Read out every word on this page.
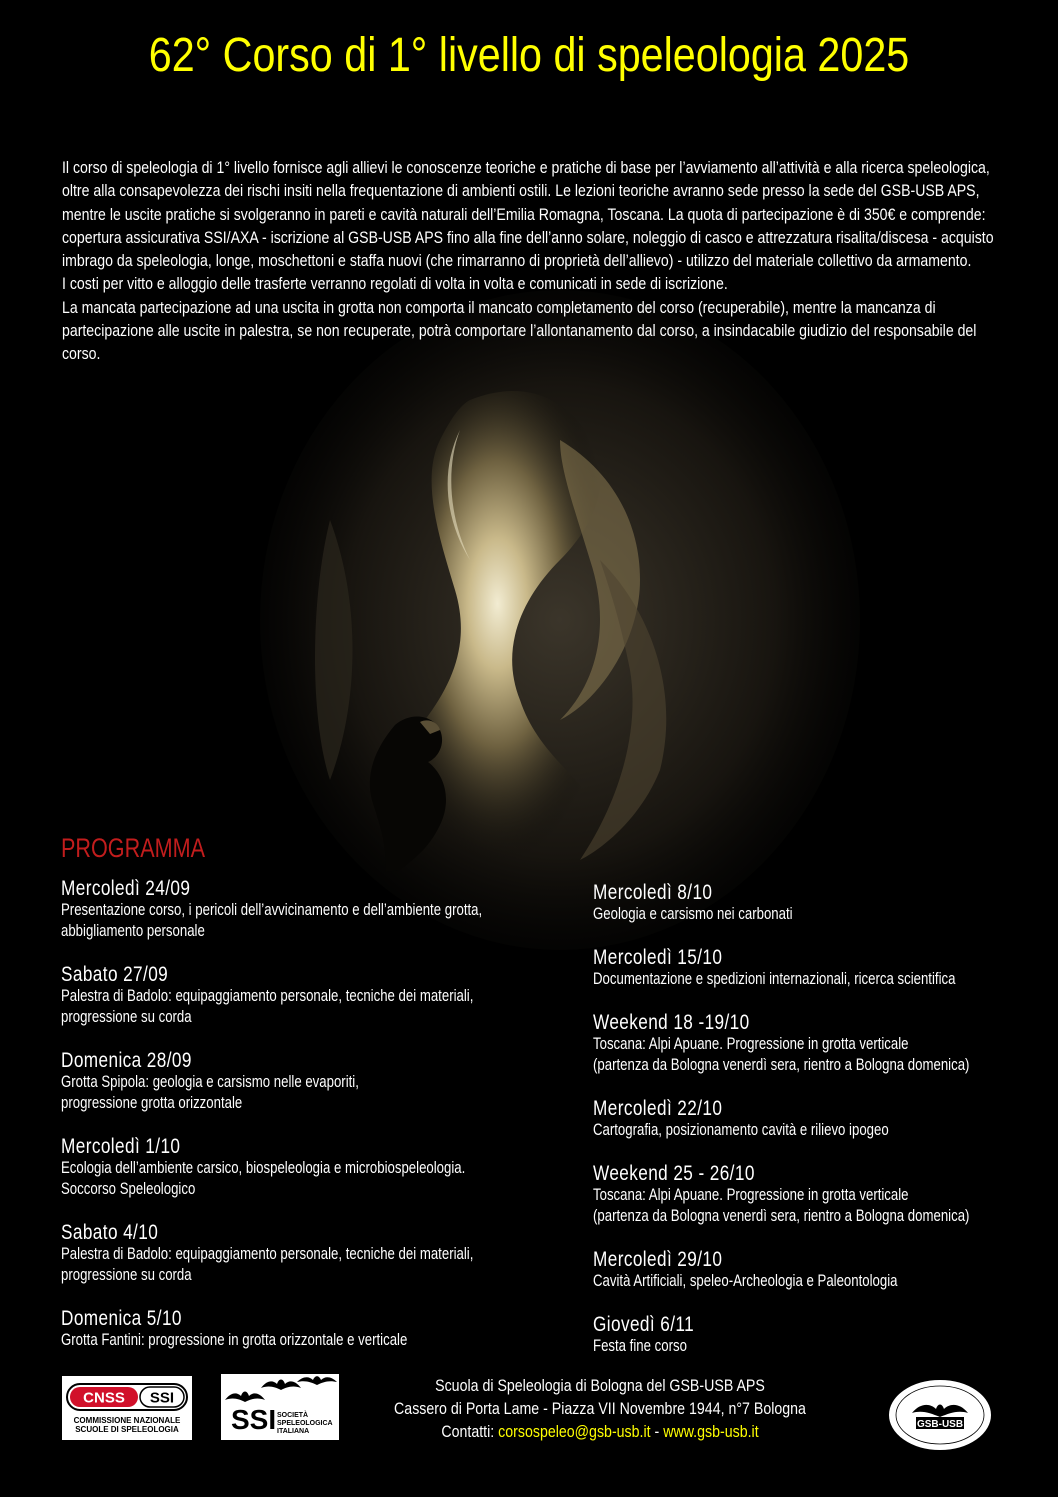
62° Corso di 1° livello di speleologia 2025

Il corso di speleologia di 1° livello fornisce agli allievi le conoscenze teoriche e pratiche di base per l’avviamento all’attività e alla ricerca speleologica, oltre alla consapevolezza dei rischi insiti nella frequentazione di ambienti ostili. Le lezioni teoriche avranno sede presso la sede del GSB-USB APS, mentre le uscite pratiche si svolgeranno in pareti e cavità naturali dell’Emilia Romagna, Toscana. La quota di partecipazione è di 350€ e comprende: copertura assicurativa SSI/AXA - iscrizione al GSB-USB APS fino alla fine dell’anno solare, noleggio di casco e attrezzatura risalita/discesa - acquisto imbrago da speleologia, longe, moschettoni e staffa nuovi (che rimarranno di proprietà dell’allievo) - utilizzo del materiale collettivo da armamento.

I costi per vitto e alloggio delle trasferte verranno regolati di volta in volta e comunicati in sede di iscrizione.

La mancata partecipazione ad una uscita in grotta non comporta il mancato completamento del corso (recuperabile), mentre la mancanza di partecipazione alle uscite in palestra, se non recuperate, potrà comportare l’allontanamento dal corso, a insindacabile giudizio del responsabile del corso.

PROGRAMMA
Mercoledì 24/09
Presentazione corso, i pericoli dell’avvicinamento e dell’ambiente grotta,
abbigliamento personale
Sabato 27/09
Palestra di Badolo: equipaggiamento personale, tecniche dei materiali,
progressione su corda
Domenica 28/09
Grotta Spipola: geologia e carsismo nelle evaporiti,
progressione grotta orizzontale
Mercoledì 1/10
Ecologia dell’ambiente carsico, biospeleologia e microbiospeleologia.
Soccorso Speleologico
Sabato 4/10
Palestra di Badolo: equipaggiamento personale, tecniche dei materiali,
progressione su corda
Domenica 5/10
Grotta Fantini: progressione in grotta orizzontale e verticale
Mercoledì 8/10
Geologia e carsismo nei carbonati
Mercoledì 15/10
Documentazione e spedizioni internazionali, ricerca scientifica
Weekend 18 -19/10
Toscana: Alpi Apuane. Progressione in grotta verticale
(partenza da Bologna venerdì sera, rientro a Bologna domenica)
Mercoledì 22/10
Cartografia, posizionamento cavità e rilievo ipogeo
Weekend 25 - 26/10
Toscana: Alpi Apuane. Progressione in grotta verticale
(partenza da Bologna venerdì sera, rientro a Bologna domenica)
Mercoledì 29/10
Cavità Artificiali, speleo-Archeologia e Paleontologia
Giovedì 6/11
Festa fine corso
CNSS SSI
COMMISSIONE NAZIONALE
SCUOLE DI SPELEOLOGIA	SSI SOCIETÀ
SPELEOLOGICA
ITALIANA
Scuola di Speleologia di Bologna del GSB-USB APS
Cassero di Porta Lame - Piazza VII Novembre 1944, n°7 Bologna
Contatti: corsospeleo@gsb-usb.it - www.gsb-usb.it	GSB-USB
